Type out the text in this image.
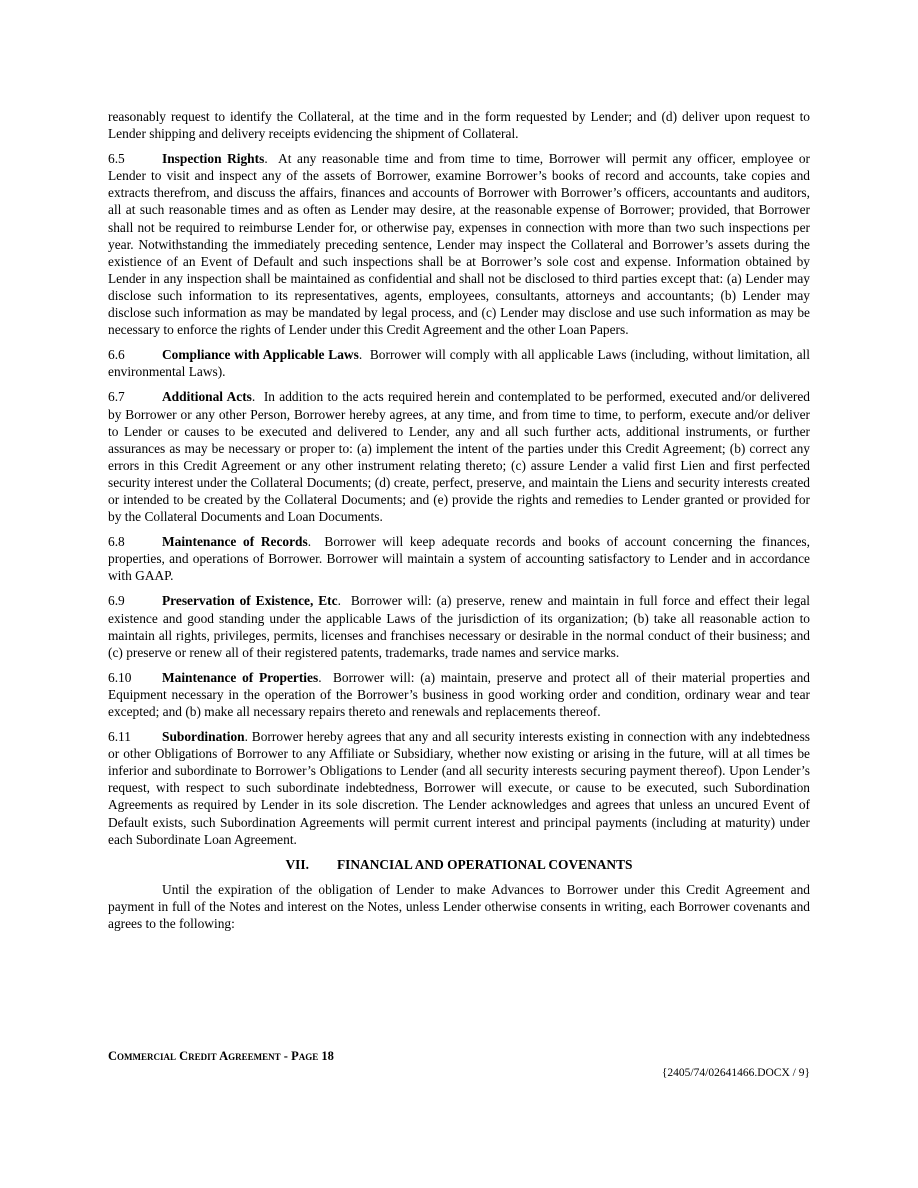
reasonably request to identify the Collateral, at the time and in the form requested by Lender; and (d) deliver upon request to Lender shipping and delivery receipts evidencing the shipment of Collateral.

6.5	Inspection Rights.  At any reasonable time and from time to time, Borrower will permit any officer, employee or Lender to visit and inspect any of the assets of Borrower, examine Borrower’s books of record and accounts, take copies and extracts therefrom, and discuss the affairs, finances and accounts of Borrower with Borrower’s officers, accountants and auditors, all at such reasonable times and as often as Lender may desire, at the reasonable expense of Borrower; provided, that Borrower shall not be required to reimburse Lender for, or otherwise pay, expenses in connection with more than two such inspections per year. Notwithstanding the immediately preceding sentence, Lender may inspect the Collateral and Borrower’s assets during the existience of an Event of Default and such inspections shall be at Borrower’s sole cost and expense. Information obtained by Lender in any inspection shall be maintained as confidential and shall not be disclosed to third parties except that: (a) Lender may disclose such information to its representatives, agents, employees, consultants, attorneys and accountants; (b) Lender may disclose such information as may be mandated by legal process, and (c) Lender may disclose and use such information as may be necessary to enforce the rights of Lender under this Credit Agreement and the other Loan Papers.

6.6	Compliance with Applicable Laws.  Borrower will comply with all applicable Laws (including, without limitation, all environmental Laws).

6.7	Additional Acts.  In addition to the acts required herein and contemplated to be performed, executed and/or delivered by Borrower or any other Person, Borrower hereby agrees, at any time, and from time to time, to perform, execute and/or deliver to Lender or causes to be executed and delivered to Lender, any and all such further acts, additional instruments, or further assurances as may be necessary or proper to: (a) implement the intent of the parties under this Credit Agreement; (b) correct any errors in this Credit Agreement or any other instrument relating thereto; (c) assure Lender a valid first Lien and first perfected security interest under the Collateral Documents; (d) create, perfect, preserve, and maintain the Liens and security interests created or intended to be created by the Collateral Documents; and (e) provide the rights and remedies to Lender granted or provided for by the Collateral Documents and Loan Documents.

6.8	Maintenance of Records.  Borrower will keep adequate records and books of account concerning the finances, properties, and operations of Borrower. Borrower will maintain a system of accounting satisfactory to Lender and in accordance with GAAP.

6.9	Preservation of Existence, Etc.  Borrower will: (a) preserve, renew and maintain in full force and effect their legal existence and good standing under the applicable Laws of the jurisdiction of its organization; (b) take all reasonable action to maintain all rights, privileges, permits, licenses and franchises necessary or desirable in the normal conduct of their business; and (c) preserve or renew all of their registered patents, trademarks, trade names and service marks.

6.10 Maintenance of Properties.  Borrower will: (a) maintain, preserve and protect all of their material properties and Equipment necessary in the operation of the Borrower’s business in good working order and condition, ordinary wear and tear excepted; and (b) make all necessary repairs thereto and renewals and replacements thereof.

6.11 Subordination. Borrower hereby agrees that any and all security interests existing in connection with any indebtedness or other Obligations of Borrower to any Affiliate or Subsidiary, whether now existing or arising in the future, will at all times be inferior and subordinate to Borrower’s Obligations to Lender (and all security interests securing payment thereof). Upon Lender’s request, with respect to such subordinate indebtedness, Borrower will execute, or cause to be executed, such Subordination Agreements as required by Lender in its sole discretion. The Lender acknowledges and agrees that unless an uncured Event of Default exists, such Subordination Agreements will permit current interest and principal payments (including at maturity) under each Subordinate Loan Agreement.

VII. FINANCIAL AND OPERATIONAL COVENANTS

Until the expiration of the obligation of Lender to make Advances to Borrower under this Credit Agreement and payment in full of the Notes and interest on the Notes, unless Lender otherwise consents in writing, each Borrower covenants and agrees to the following:

Commercial Credit Agreement - Page 18
{2405/74/02641466.DOCX / 9}
